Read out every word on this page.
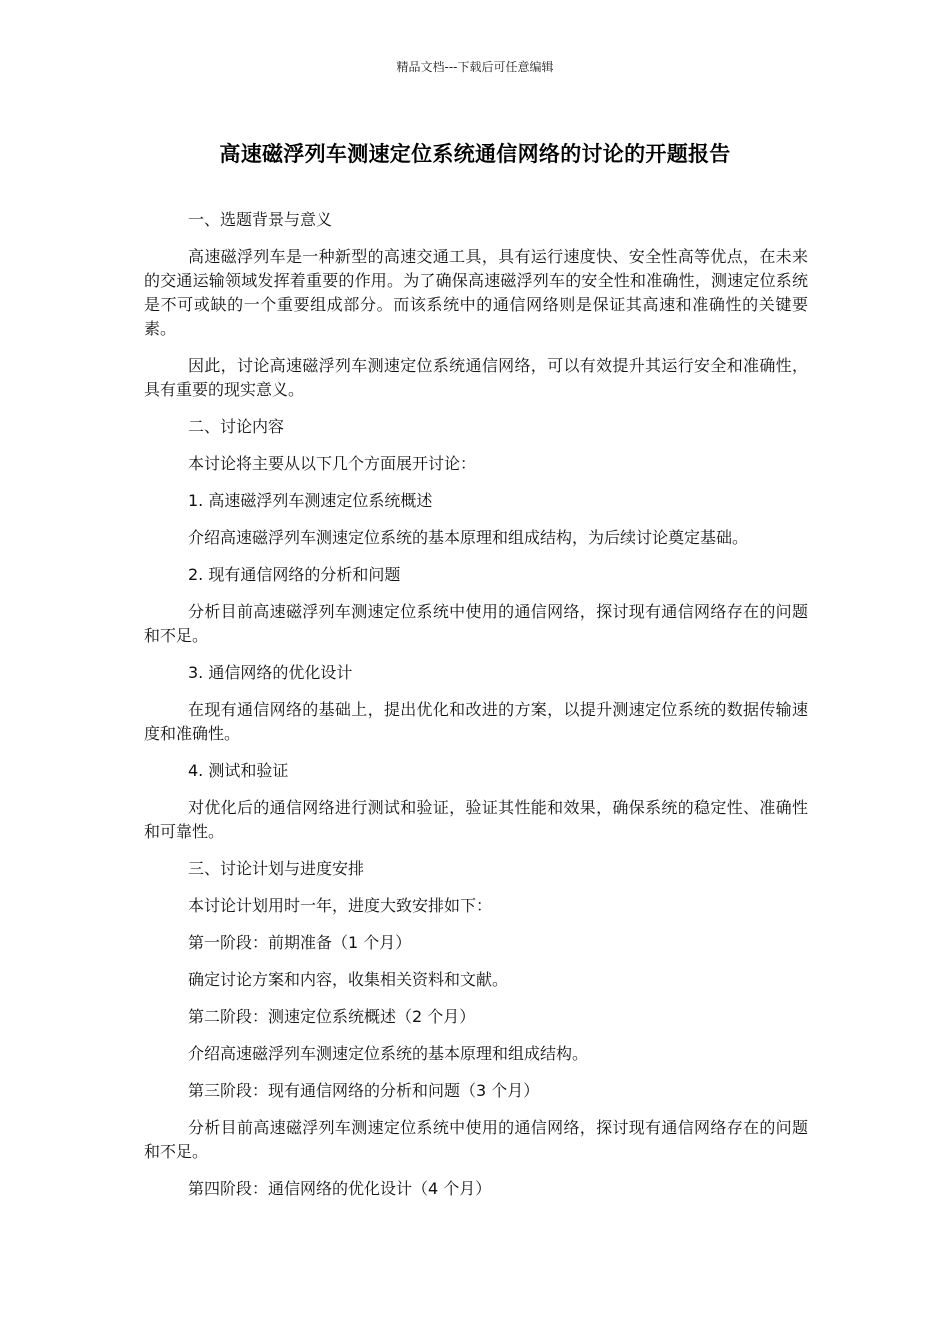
精品文档---下载后可任意编辑
高速磁浮列车测速定位系统通信网络的讨论的开题报告

一、选题背景与意义

高速磁浮列车是一种新型的高速交通工具，具有运行速度快、安全性高等优点，在未来的交通运输领域发挥着重要的作用。为了确保高速磁浮列车的安全性和准确性，测速定位系统是不可或缺的一个重要组成部分。而该系统中的通信网络则是保证其高速和准确性的关键要素。

因此，讨论高速磁浮列车测速定位系统通信网络，可以有效提升其运行安全和准确性，具有重要的现实意义。

二、讨论内容

本讨论将主要从以下几个方面展开讨论：

1. 高速磁浮列车测速定位系统概述

介绍高速磁浮列车测速定位系统的基本原理和组成结构，为后续讨论奠定基础。

2. 现有通信网络的分析和问题

分析目前高速磁浮列车测速定位系统中使用的通信网络，探讨现有通信网络存在的问题和不足。

3. 通信网络的优化设计

在现有通信网络的基础上，提出优化和改进的方案，以提升测速定位系统的数据传输速度和准确性。

4. 测试和验证

对优化后的通信网络进行测试和验证，验证其性能和效果，确保系统的稳定性、准确性和可靠性。

三、讨论计划与进度安排

本讨论计划用时一年，进度大致安排如下：

第一阶段：前期准备（1 个月）

确定讨论方案和内容，收集相关资料和文献。

第二阶段：测速定位系统概述（2 个月）

介绍高速磁浮列车测速定位系统的基本原理和组成结构。

第三阶段：现有通信网络的分析和问题（3 个月）

分析目前高速磁浮列车测速定位系统中使用的通信网络，探讨现有通信网络存在的问题和不足。

第四阶段：通信网络的优化设计（4 个月）
